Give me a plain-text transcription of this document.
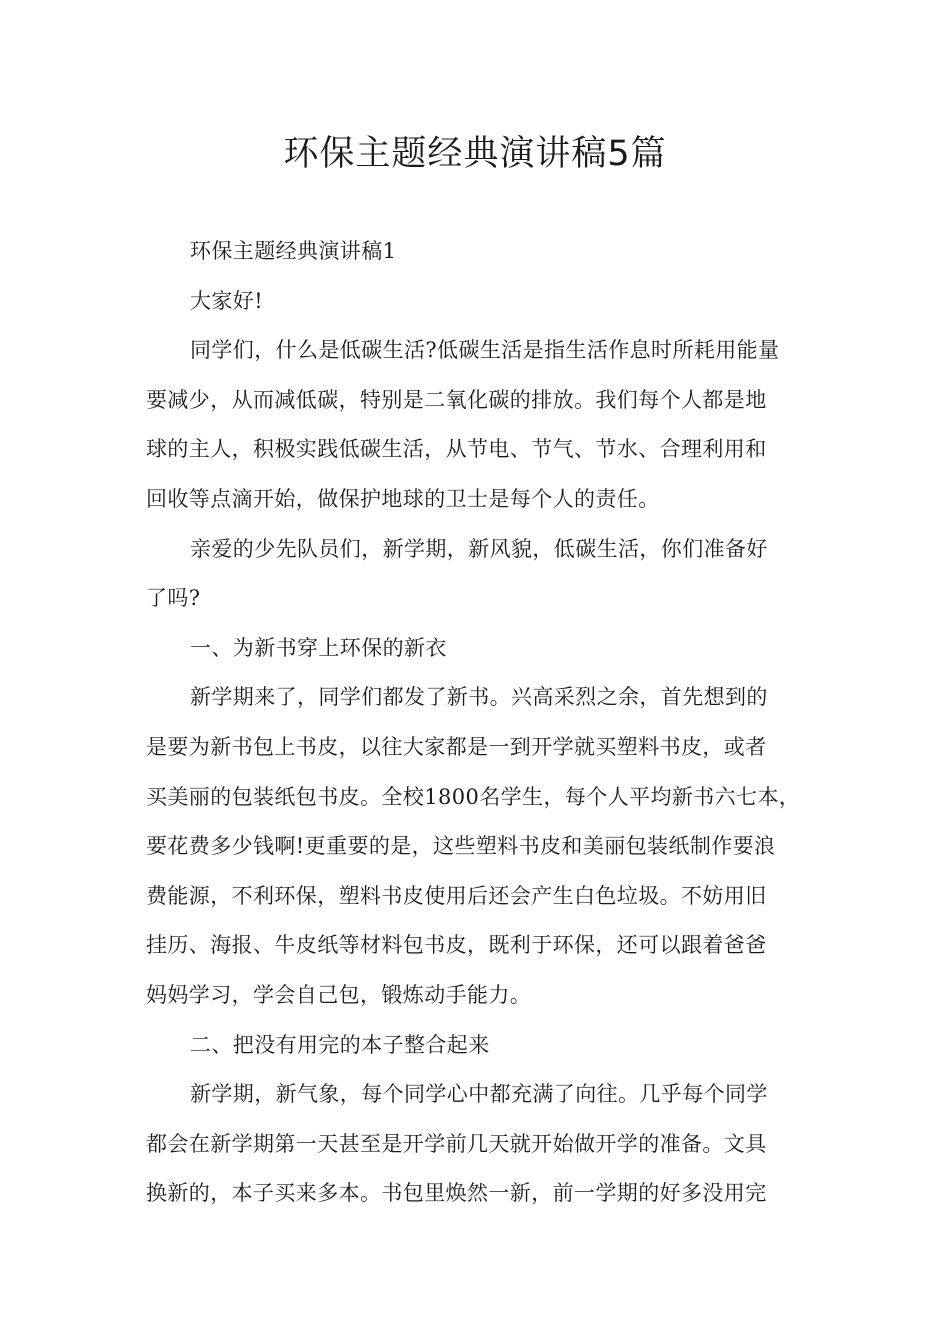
环保主题经典演讲稿5篇

环保主题经典演讲稿1

大家好!

同学们，什么是低碳生活?低碳生活是指生活作息时所耗用能量
要减少，从而减低碳，特别是二氧化碳的排放。我们每个人都是地
球的主人，积极实践低碳生活，从节电、节气、节水、合理利用和
回收等点滴开始，做保护地球的卫士是每个人的责任。

亲爱的少先队员们，新学期，新风貌，低碳生活，你们准备好
了吗?

一、为新书穿上环保的新衣

新学期来了，同学们都发了新书。兴高采烈之余，首先想到的
是要为新书包上书皮，以往大家都是一到开学就买塑料书皮，或者
买美丽的包装纸包书皮。全校1800名学生，每个人平均新书六七本，
要花费多少钱啊!更重要的是，这些塑料书皮和美丽包装纸制作要浪
费能源，不利环保，塑料书皮使用后还会产生白色垃圾。不妨用旧
挂历、海报、牛皮纸等材料包书皮，既利于环保，还可以跟着爸爸
妈妈学习，学会自己包，锻炼动手能力。

二、把没有用完的本子整合起来

新学期，新气象，每个同学心中都充满了向往。几乎每个同学
都会在新学期第一天甚至是开学前几天就开始做开学的准备。文具
换新的，本子买来多本。书包里焕然一新，前一学期的好多没用完
